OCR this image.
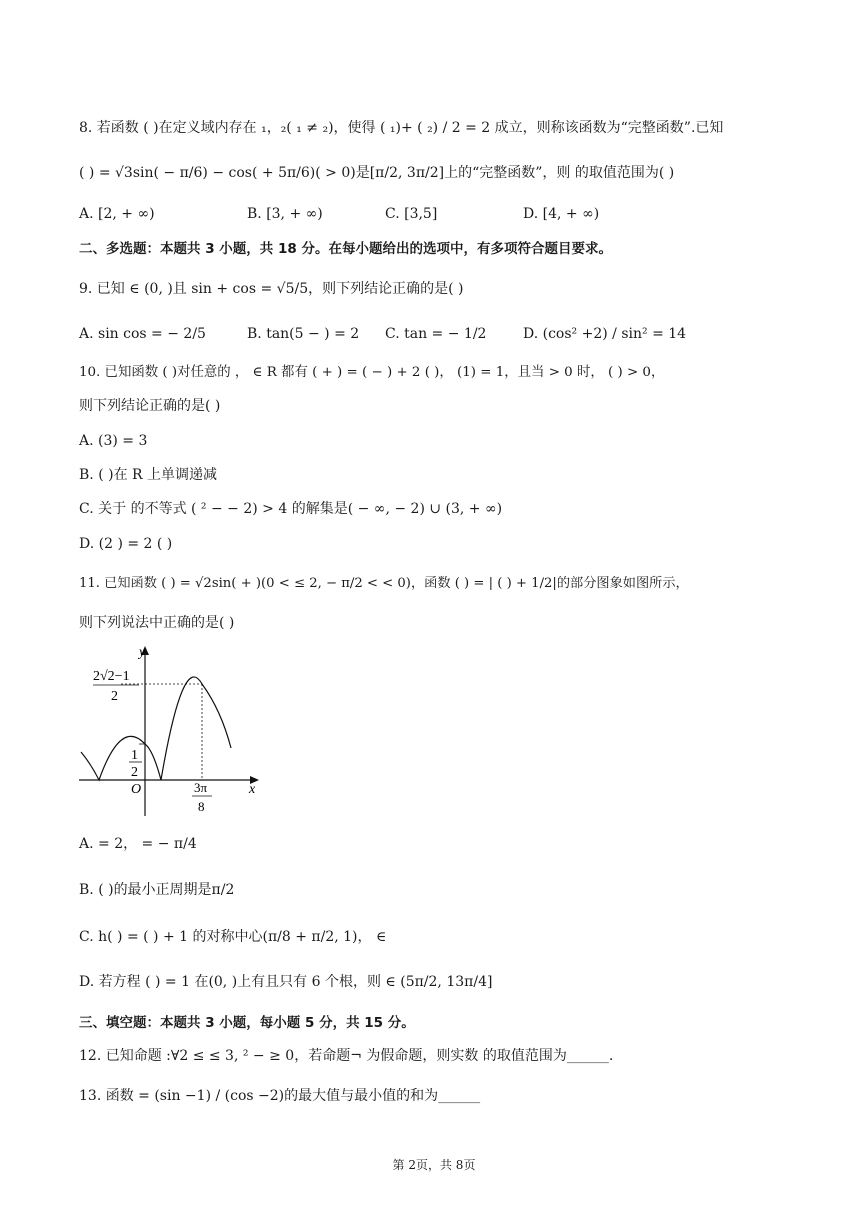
8. 若函数 ( )在定义域内存在 ₁，₂( ₁ ≠ ₂)，使得 ( ₁)+ ( ₂) / 2 = 2 成立，则称该函数为“完整函数”.已知
( ) = √3sin( − π/6) − cos( + 5π/6)( > 0)是[π/2, 3π/2]上的“完整函数”，则 的取值范围为( )
A. [2, + ∞)	B. [3, + ∞)	C. [3,5]	D. [4, + ∞)
二、多选题：本题共 3 小题，共 18 分。在每小题给出的选项中，有多项符合题目要求。
9. 已知 ∈ (0, )且 sin + cos = √5/5，则下列结论正确的是( )
A. sin cos = − 2/5	B. tan(5 − ) = 2 C. tan = − 1/2	D. (cos² +2) / sin² = 14
10. 已知函数 ( )对任意的 ， ∈ R 都有 ( + ) = ( − ) + 2 ( )， (1) = 1，且当 > 0 时， ( ) > 0，
则下列结论正确的是( )
A. (3) = 3
B. ( )在 R 上单调递减
C. 关于 的不等式 ( ² − − 2) > 4 的解集是( − ∞, − 2) ∪ (3, + ∞)
D. (2 ) = 2 ( )
11. 已知函数 ( ) = √2sin( + )(0 < ≤ 2, − π/2 < < 0)，函数 ( ) = | ( ) + 1/2|的部分图象如图所示，
则下列说法中正确的是( )
y
x
O
2√2−1
2
1
2
3π
8
A. = 2， = − π/4
B. ( )的最小正周期是π/2
C. h( ) = ( ) + 1 的对称中心(π/8 + π/2, 1)， ∈
D. 若方程 ( ) = 1 在(0, )上有且只有 6 个根，则 ∈ (5π/2, 13π/4]
三、填空题：本题共 3 小题，每小题 5 分，共 15 分。
12. 已知命题 :∀2 ≤ ≤ 3, ² − ≥ 0，若命题¬ 为假命题，则实数 的取值范围为______.
13. 函数 = (sin −1) / (cos −2)的最大值与最小值的和为______
第 2页，共 8页
